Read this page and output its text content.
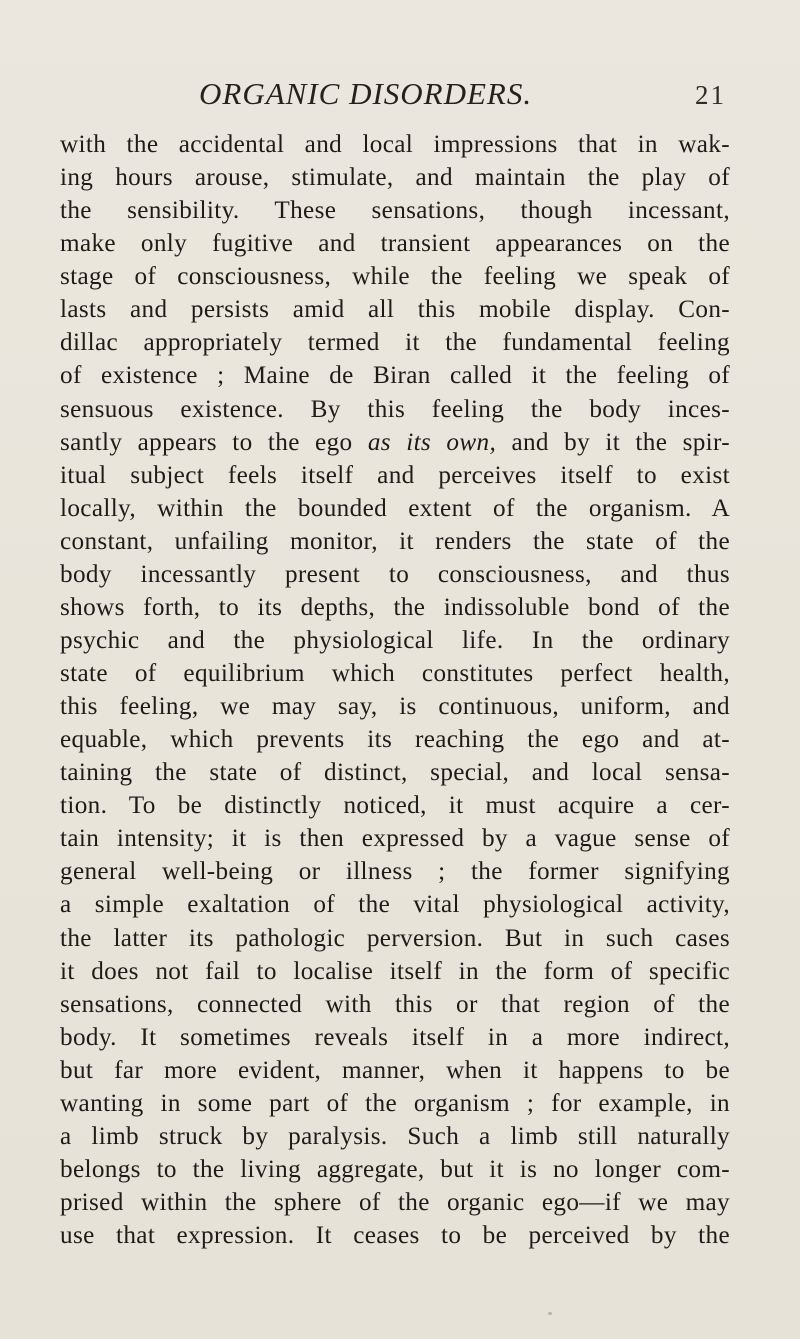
ORGANIC DISORDERS.	21
with the accidental and local impressions that in wak-
ing hours arouse, stimulate, and maintain the play of
the sensibility. These sensations, though incessant,
make only fugitive and transient appearances on the
stage of consciousness, while the feeling we speak of
lasts and persists amid all this mobile display. Con-
dillac appropriately termed it the fundamental feeling
of existence ; Maine de Biran called it the feeling of
sensuous existence. By this feeling the body inces-
santly appears to the ego as its own, and by it the spir-
itual subject feels itself and perceives itself to exist
locally, within the bounded extent of the organism. A
constant, unfailing monitor, it renders the state of the
body incessantly present to consciousness, and thus
shows forth, to its depths, the indissoluble bond of the
psychic and the physiological life. In the ordinary
state of equilibrium which constitutes perfect health,
this feeling, we may say, is continuous, uniform, and
equable, which prevents its reaching the ego and at-
taining the state of distinct, special, and local sensa-
tion. To be distinctly noticed, it must acquire a cer-
tain intensity; it is then expressed by a vague sense of
general well-being or illness ; the former signifying
a simple exaltation of the vital physiological activity,
the latter its pathologic perversion. But in such cases
it does not fail to localise itself in the form of specific
sensations, connected with this or that region of the
body. It sometimes reveals itself in a more indirect,
but far more evident, manner, when it happens to be
wanting in some part of the organism ; for example, in
a limb struck by paralysis. Such a limb still naturally
belongs to the living aggregate, but it is no longer com-
prised within the sphere of the organic ego—if we may
use that expression. It ceases to be perceived by the
